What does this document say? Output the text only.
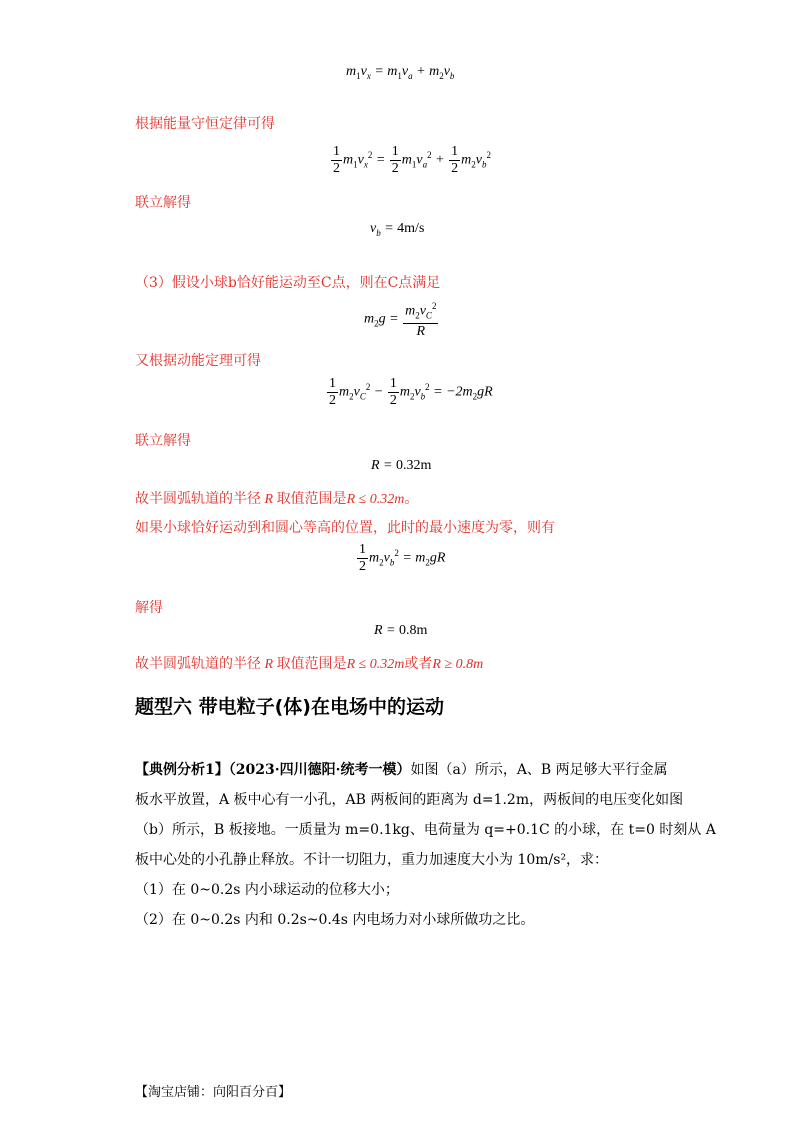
$m_1v_x = m_1v_a + m_2v_b$
根据能量守恒定律可得
$\frac{1}{2} m_1v_x^2 = \frac{1}{2} m_1v_a^2 + \frac{1}{2} m_2v_b^2$
联立解得
$v_b = 4m/s$
（3）假设小球b恰好能运动至C点，则在C点满足
$m_2g = \frac{m_2v_C^2}{R}$
又根据动能定理可得
$\frac{1}{2} m_2v_C^2 - \frac{1}{2} m_2v_b^2 = -2m_2gR$
联立解得
R = 0.32m
故半圆弧轨道的半径 R 取值范围是R ≤ 0.32m。
如果小球恰好运动到和圆心等高的位置，此时的最小速度为零，则有
$\frac{1}{2} m_2v_b^2 = m_2gR$
解得
R = 0.8m
故半圆弧轨道的半径 R 取值范围是R ≤ 0.32m或者R ≥ 0.8m
题型六 带电粒子(体)在电场中的运动
【典例分析1】（2023·四川德阳·统考一模）如图（a）所示，A、B 两足够大平行金属
板水平放置，A 板中心有一小孔，AB 两板间的距离为 d=1.2m，两板间的电压变化如图
（b）所示，B 板接地。一质量为 m=0.1kg、电荷量为 q=+0.1C 的小球，在 t=0 时刻从 A
板中心处的小孔静止释放。不计一切阻力，重力加速度大小为 10m/s²，求：
（1）在 0~0.2s 内小球运动的位移大小；
（2）在 0~0.2s 内和 0.2s~0.4s 内电场力对小球所做功之比。
【淘宝店铺：向阳百分百】
